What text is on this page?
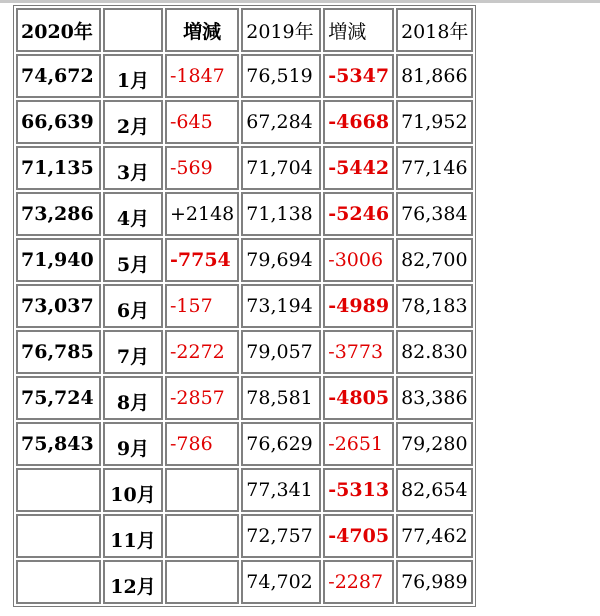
2020年		増減	2019年	増減	2018年
74,672	1月	-1847	76,519	-5347	81,866
66,639	2月	-645	67,284	-4668	71,952
71,135	3月	-569	71,704	-5442	77,146
73,286	4月	+2148	71,138	-5246	76,384
71,940	5月	-7754	79,694	-3006	82,700
73,037	6月	-157	73,194	-4989	78,183
76,785	7月	-2272	79,057	-3773	82.830
75,724	8月	-2857	78,581	-4805	83,386
75,843	9月	-786	76,629	-2651	79,280
	10月		77,341	-5313	82,654
	11月		72,757	-4705	77,462
	12月		74,702	-2287	76,989
